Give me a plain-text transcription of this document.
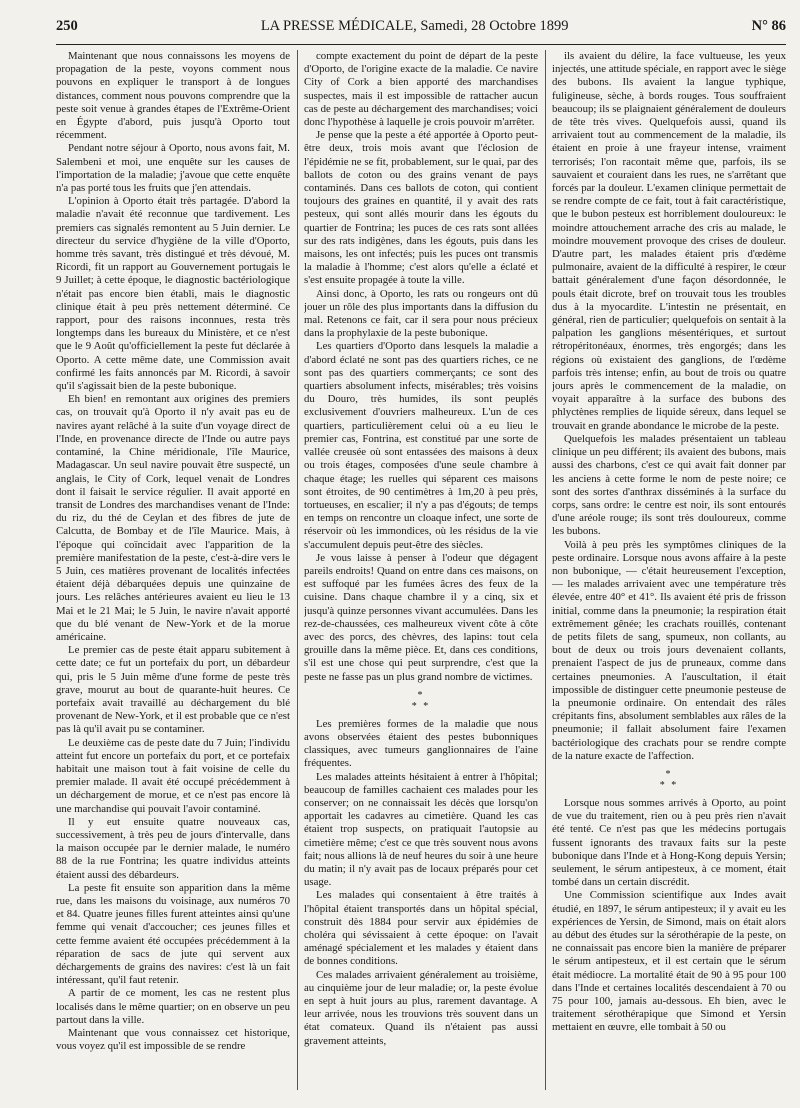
250	LA PRESSE MÉDICALE, Samedi, 28 Octobre 1899	N° 86

Maintenant que nous connaissons les moyens de propagation de la peste, voyons comment nous pouvons en expliquer le transport à de longues distances, comment nous pouvons comprendre que la peste soit venue à grandes étapes de l'Extrême-Orient en Égypte d'abord, puis jusqu'à Oporto tout récemment.

Pendant notre séjour à Oporto, nous avons fait, M. Salembeni et moi, une enquête sur les causes de l'importation de la maladie; j'avoue que cette enquête n'a pas porté tous les fruits que j'en attendais.

L'opinion à Oporto était très partagée. D'abord la maladie n'avait été reconnue que tardivement. Les premiers cas signalés remontent au 5 Juin dernier. Le directeur du service d'hygiène de la ville d'Oporto, homme très savant, très distingué et très dévoué, M. Ricordi, fit un rapport au Gouvernement portugais le 9 Juillet; à cette époque, le diagnostic bactériologique n'était pas encore bien établi, mais le diagnostic clinique était à peu près nettement déterminé. Ce rapport, pour des raisons inconnues, resta très longtemps dans les bureaux du Ministère, et ce n'est que le 9 Août qu'officiellement la peste fut déclarée à Oporto. A cette même date, une Commission avait confirmé les faits annoncés par M. Ricordi, à savoir qu'il s'agissait bien de la peste bubonique.

Eh bien! en remontant aux origines des premiers cas, on trouvait qu'à Oporto il n'y avait pas eu de navires ayant relâché à la suite d'un voyage direct de l'Inde, en provenance directe de l'Inde ou autre pays contaminé, la Chine méridionale, l'île Maurice, Madagascar. Un seul navire pouvait être suspecté, un anglais, le City of Cork, lequel venait de Londres dont il faisait le service régulier. Il avait apporté en transit de Londres des marchandises venant de l'Inde: du riz, du thé de Ceylan et des fibres de jute de Calcutta, de Bombay et de l'île Maurice. Mais, à l'époque qui coïncidait avec l'apparition de la première manifestation de la peste, c'est-à-dire vers le 5 Juin, ces matières provenant de localités infectées étaient déjà débarquées depuis une quinzaine de jours. Les relâches antérieures avaient eu lieu le 13 Mai et le 21 Mai; le 5 Juin, le navire n'avait apporté que du blé venant de New-York et de la morue américaine.

Le premier cas de peste était apparu subitement à cette date; ce fut un portefaix du port, un débardeur qui, pris le 5 Juin même d'une forme de peste très grave, mourut au bout de quarante-huit heures. Ce portefaix avait travaillé au déchargement du blé provenant de New-York, et il est probable que ce n'est pas là qu'il avait pu se contaminer.

Le deuxième cas de peste date du 7 Juin; l'individu atteint fut encore un portefaix du port, et ce portefaix habitait une maison tout à fait voisine de celle du premier malade. Il avait été occupé précédemment à un déchargement de morue, et ce n'est pas encore là une marchandise qui pouvait l'avoir contaminé.

Il y eut ensuite quatre nouveaux cas, successivement, à très peu de jours d'intervalle, dans la maison occupée par le dernier malade, le numéro 88 de la rue Fontrina; les quatre individus atteints étaient aussi des débardeurs.

La peste fit ensuite son apparition dans la même rue, dans les maisons du voisinage, aux numéros 70 et 84. Quatre jeunes filles furent atteintes ainsi qu'une femme qui venait d'accoucher; ces jeunes filles et cette femme avaient été occupées précédemment à la réparation de sacs de jute qui servent aux déchargements de grains des navires: c'est là un fait intéressant, qu'il faut retenir.

A partir de ce moment, les cas ne restent plus localisés dans le même quartier; on en observe un peu partout dans la ville.

Maintenant que vous connaissez cet historique, vous voyez qu'il est impossible de se rendre

compte exactement du point de départ de la peste d'Oporto, de l'origine exacte de la maladie. Ce navire City of Cork a bien apporté des marchandises suspectes, mais il est impossible de rattacher aucun cas de peste au déchargement des marchandises; voici donc l'hypothèse à laquelle je crois pouvoir m'arrêter.

Je pense que la peste a été apportée à Oporto peut-être deux, trois mois avant que l'éclosion de l'épidémie ne se fit, probablement, sur le quai, par des ballots de coton ou des grains venant de pays contaminés. Dans ces ballots de coton, qui contient toujours des graines en quantité, il y avait des rats pesteux, qui sont allés mourir dans les égouts du quartier de Fontrina; les puces de ces rats sont allées sur des rats indigènes, dans les égouts, puis dans les maisons, les ont infectés; puis les puces ont transmis la maladie à l'homme; c'est alors qu'elle a éclaté et s'est ensuite propagée à toute la ville.

Ainsi donc, à Oporto, les rats ou rongeurs ont dû jouer un rôle des plus importants dans la diffusion du mal. Retenons ce fait, car il sera pour nous précieux dans la prophylaxie de la peste bubonique.

Les quartiers d'Oporto dans lesquels la maladie a d'abord éclaté ne sont pas des quartiers riches, ce ne sont pas des quartiers commerçants; ce sont des quartiers absolument infects, misérables; très voisins du Douro, très humides, ils sont peuplés exclusivement d'ouvriers malheureux. L'un de ces quartiers, particulièrement celui où a eu lieu le premier cas, Fontrina, est constitué par une sorte de vallée creusée où sont entassées des maisons à deux ou trois étages, composées d'une seule chambre à chaque étage; les ruelles qui séparent ces maisons sont étroites, de 90 centimètres à 1m,20 à peu près, tortueuses, en escalier; il n'y a pas d'égouts; de temps en temps on rencontre un cloaque infect, une sorte de réservoir où les immondices, où les résidus de la vie s'accumulent depuis peut-être des siècles.

Je vous laisse à penser à l'odeur que dégagent pareils endroits! Quand on entre dans ces maisons, on est suffoqué par les fumées âcres des feux de la cuisine. Dans chaque chambre il y a cinq, six et jusqu'à quinze personnes vivant accumulées. Dans les rez-de-chaussées, ces malheureux vivent côte à côte avec des porcs, des chèvres, des lapins: tout cela grouille dans la même pièce. Et, dans ces conditions, s'il est une chose qui peut surprendre, c'est que la peste ne fasse pas un plus grand nombre de victimes.

*
* *

Les premières formes de la maladie que nous avons observées étaient des pestes bubonniques classiques, avec tumeurs ganglionnaires de l'aine fréquentes.

Les malades atteints hésitaient à entrer à l'hôpital; beaucoup de familles cachaient ces malades pour les conserver; on ne connaissait les décès que lorsqu'on apportait les cadavres au cimetière. Quand les cas étaient trop suspects, on pratiquait l'autopsie au cimetière même; c'est ce que très souvent nous avons fait; nous allions là de neuf heures du soir à une heure du matin; il n'y avait pas de locaux préparés pour cet usage.

Les malades qui consentaient à être traités à l'hôpital étaient transportés dans un hôpital spécial, construit dès 1884 pour servir aux épidémies de choléra qui sévissaient à cette époque: on l'avait aménagé spécialement et les malades y étaient dans de bonnes conditions.

Ces malades arrivaient généralement au troisième, au cinquième jour de leur maladie; or, la peste évolue en sept à huit jours au plus, rarement davantage. A leur arrivée, nous les trouvions très souvent dans un état comateux. Quand ils n'étaient pas aussi gravement atteints,

ils avaient du délire, la face vultueuse, les yeux injectés, une attitude spéciale, en rapport avec le siège des bubons. Ils avaient la langue typhique, fuligineuse, sèche, à bords rouges. Tous souffraient beaucoup; ils se plaignaient généralement de douleurs de tête très vives. Quelquefois aussi, quand ils arrivaient tout au commencement de la maladie, ils étaient en proie à une frayeur intense, vraiment terrorisés; l'on racontait même que, parfois, ils se sauvaient et couraient dans les rues, ne s'arrêtant que forcés par la douleur. L'examen clinique permettait de se rendre compte de ce fait, tout à fait caractéristique, que le bubon pesteux est horriblement douloureux: le moindre attouchement arrache des cris au malade, le moindre mouvement provoque des crises de douleur. D'autre part, les malades étaient pris d'œdème pulmonaire, avaient de la difficulté à respirer, le cœur battait généralement d'une façon désordonnée, le pouls était dicrote, bref on trouvait tous les troubles dus à la myocardite. L'intestin ne présentait, en général, rien de particulier; quelquefois on sentait à la palpation les ganglions mésentériques, et surtout rétropéritonéaux, énormes, très engorgés; dans les régions où existaient des ganglions, de l'œdème parfois très intense; enfin, au bout de trois ou quatre jours après le commencement de la maladie, on voyait apparaître à la surface des bubons des phlyctènes remplies de liquide séreux, dans lequel se trouvait en grande abondance le microbe de la peste.

Quelquefois les malades présentaient un tableau clinique un peu différent; ils avaient des bubons, mais aussi des charbons, c'est ce qui avait fait donner par les anciens à cette forme le nom de peste noire; ce sont des sortes d'anthrax disséminés à la surface du corps, sans ordre: le centre est noir, ils sont entourés d'une aréole rouge; ils sont très douloureux, comme les bubons.

Voilà à peu près les symptômes cliniques de la peste ordinaire. Lorsque nous avons affaire à la peste non bubonique, — c'était heureusement l'exception, — les malades arrivaient avec une température très élevée, entre 40° et 41°. Ils avaient été pris de frisson initial, comme dans la pneumonie; la respiration était extrêmement gênée; les crachats rouillés, contenant de petits filets de sang, spumeux, non collants, au bout de deux ou trois jours devenaient collants, prenaient l'aspect de jus de pruneaux, comme dans certaines pneumonies. A l'auscultation, il était impossible de distinguer cette pneumonie pesteuse de la pneumonie ordinaire. On entendait des râles crépitants fins, absolument semblables aux râles de la pneumonie; il fallait absolument faire l'examen bactériologique des crachats pour se rendre compte de la nature exacte de l'affection.

*
* *

Lorsque nous sommes arrivés à Oporto, au point de vue du traitement, rien ou à peu près rien n'avait été tenté. Ce n'est pas que les médecins portugais fussent ignorants des travaux faits sur la peste bubonique dans l'Inde et à Hong-Kong depuis Yersin; seulement, le sérum antipesteux, à ce moment, était tombé dans un certain discrédit.

Une Commission scientifique aux Indes avait étudié, en 1897, le sérum antipesteux; il y avait eu les expériences de Yersin, de Simond, mais on était alors au début des études sur la sérothérapie de la peste, on ne connaissait pas encore bien la manière de préparer le sérum antipesteux, et il est certain que le sérum était médiocre. La mortalité était de 90 à 95 pour 100 dans l'Inde et certaines localités descendaient à 70 ou 75 pour 100, jamais au-dessous. Eh bien, avec le traitement sérothérapique que Simond et Yersin mettaient en œuvre, elle tombait à 50 ou
